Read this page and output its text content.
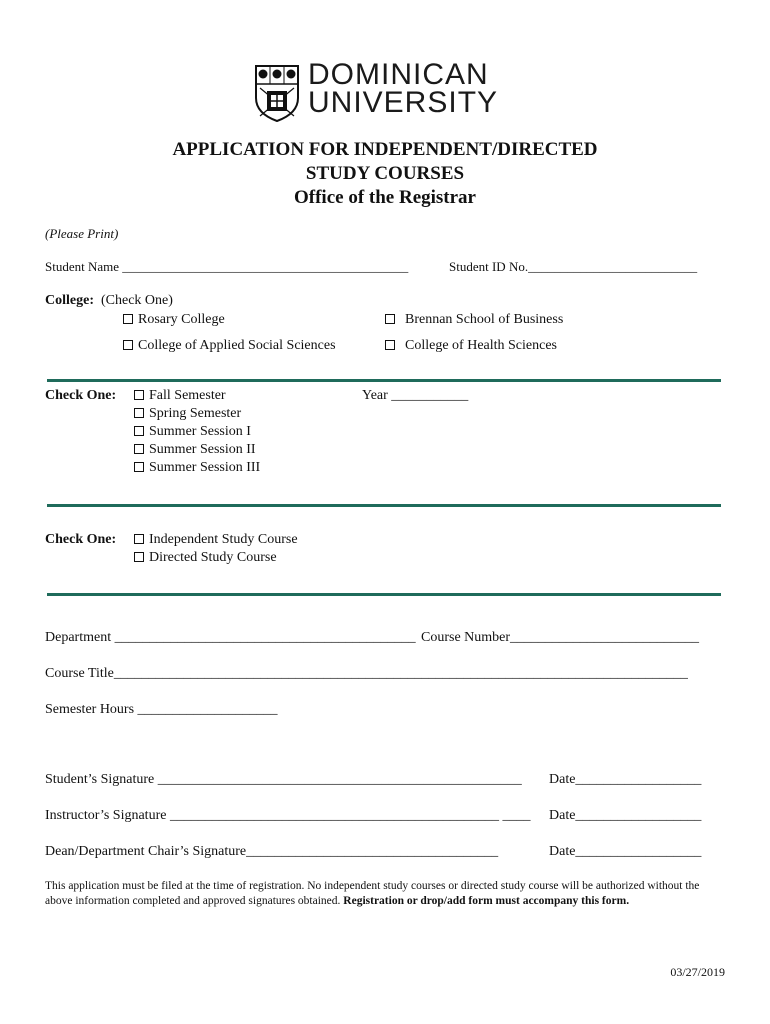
DOMINICAN
UNIVERSITY
APPLICATION FOR INDEPENDENT/DIRECTED
STUDY COURSES
Office of the Registrar
(Please Print)
Student Name ____________________________________________	Student ID No.__________________________
College: (Check One)
Rosary College	Brennan School of Business
College of Applied Social Sciences	College of Health Sciences
Check One:	Fall Semester
Spring Semester
Summer Session I
Summer Session II
Summer Session III
Year ___________
Check One:	Independent Study Course
Directed Study Course
Department ___________________________________________ Course Number___________________________
Course Title__________________________________________________________________________________
Semester Hours ____________________
Student’s Signature ____________________________________________________ Date__________________
Instructor’s Signature _______________________________________________ ____ Date__________________
Dean/Department Chair’s Signature____________________________________	Date__________________
This application must be filed at the time of registration. No independent study courses or directed study course will be authorized without the above information completed and approved signatures obtained. Registration or drop/add form must accompany this form.
03/27/2019
